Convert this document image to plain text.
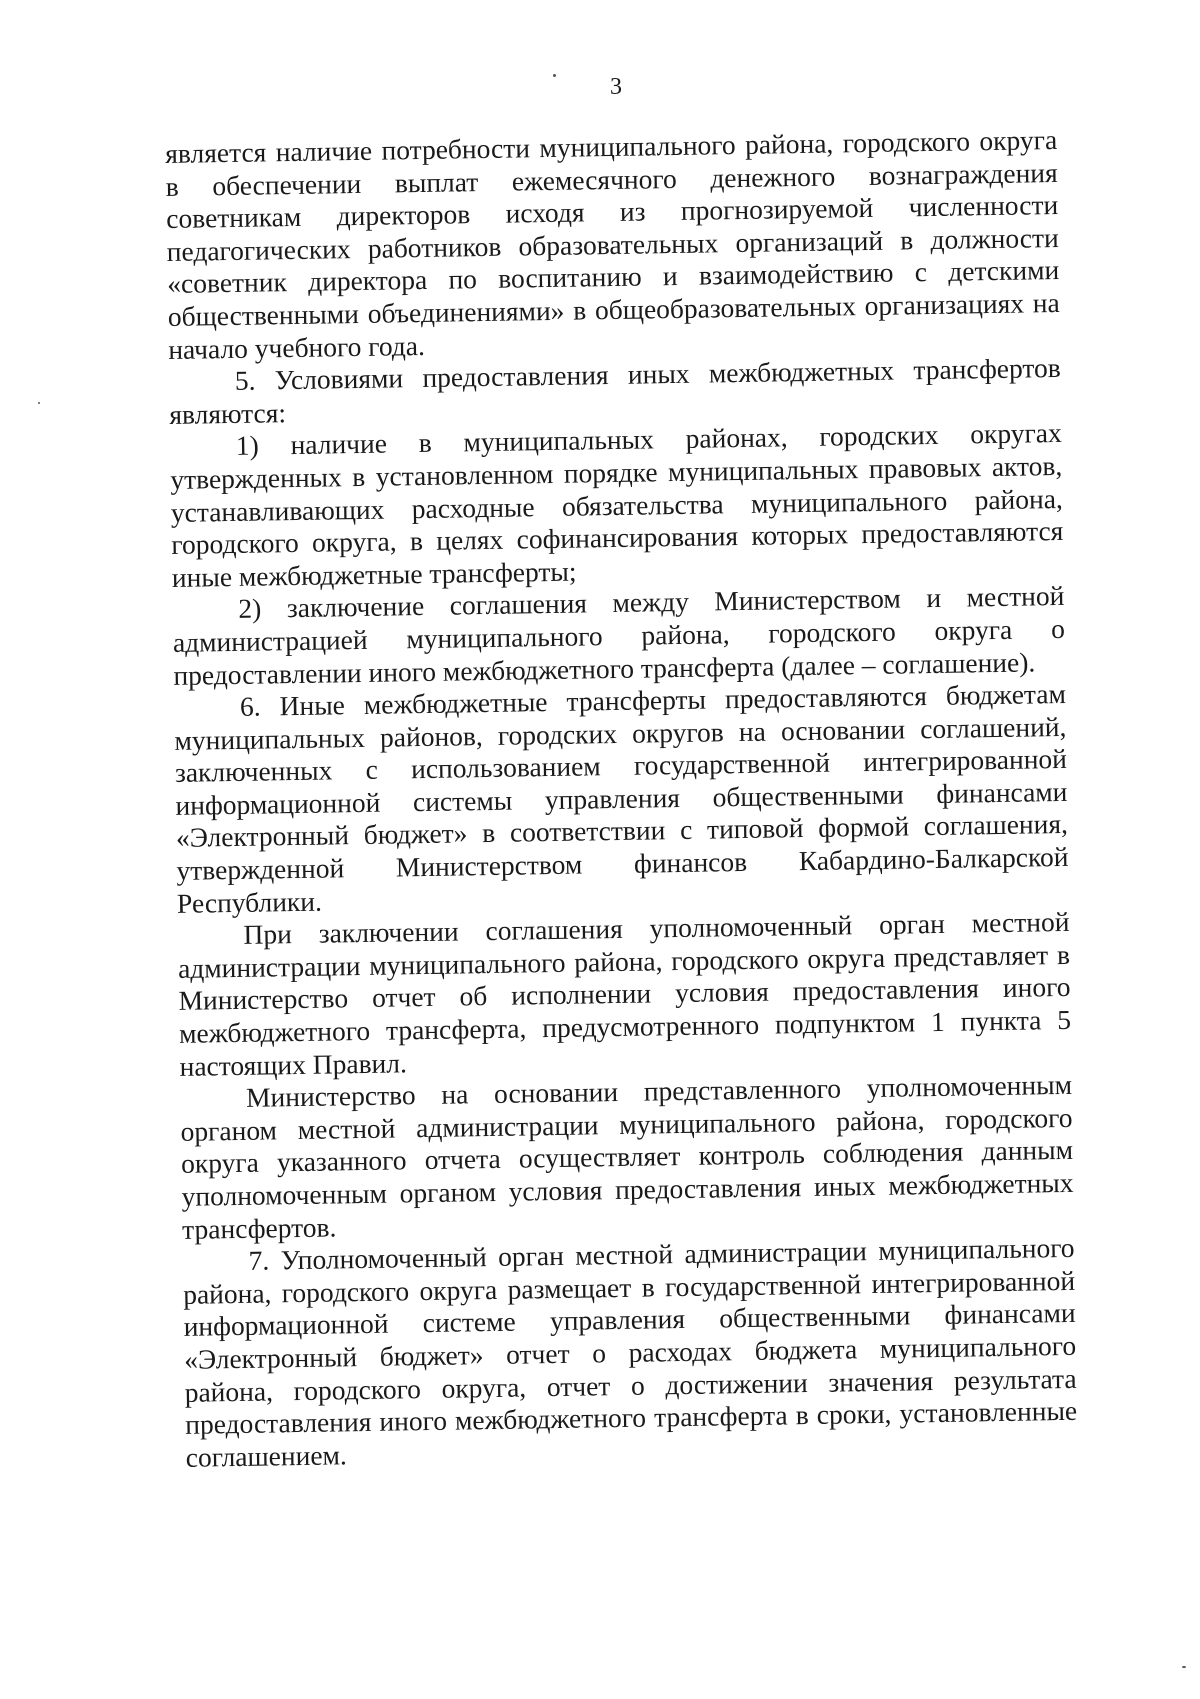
3

является наличие потребности муниципального района, городского округа в обеспечении выплат ежемесячного денежного вознаграждения советникам директоров исходя из прогнозируемой численности педагогических работников образовательных организаций в должности «советник директора по воспитанию и взаимодействию с детскими общественными объединениями» в общеобразовательных организациях на начало учебного года.

5. Условиями предоставления иных межбюджетных трансфертов являются:

1) наличие в муниципальных районах, городских округах утвержденных в установленном порядке муниципальных правовых актов, устанавливающих расходные обязательства муниципального района, городского округа, в целях софинансирования которых предоставляются иные межбюджетные трансферты;

2) заключение соглашения между Министерством и местной администрацией муниципального района, городского округа о предоставлении иного межбюджетного трансферта (далее – соглашение).

6. Иные межбюджетные трансферты предоставляются бюджетам муниципальных районов, городских округов на основании соглашений, заключенных с использованием государственной интегрированной информационной системы управления общественными финансами «Электронный бюджет» в соответствии с типовой формой соглашения, утвержденной Министерством финансов Кабардино-Балкарской Республики.

При заключении соглашения уполномоченный орган местной администрации муниципального района, городского округа представляет в Министерство отчет об исполнении условия предоставления иного межбюджетного трансферта, предусмотренного подпунктом 1 пункта 5 настоящих Правил.

Министерство на основании представленного уполномоченным органом местной администрации муниципального района, городского округа указанного отчета осуществляет контроль соблюдения данным уполномоченным органом условия предоставления иных межбюджетных трансфертов.

7. Уполномоченный орган местной администрации муниципального района, городского округа размещает в государственной интегрированной информационной системе управления общественными финансами «Электронный бюджет» отчет о расходах бюджета муниципального района, городского округа, отчет о достижении значения результата предоставления иного межбюджетного трансферта в сроки, установленные соглашением.
